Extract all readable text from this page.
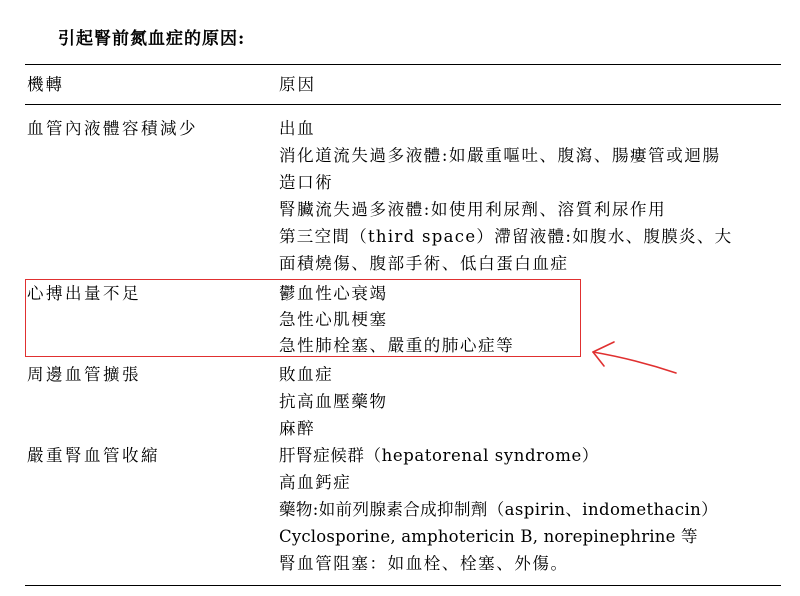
引起腎前氮血症的原因:
機轉	原因
血管內液體容積減少	出血
消化道流失過多液體:如嚴重嘔吐、腹瀉、腸瘻管或迴腸
造口術
腎臟流失過多液體:如使用利尿劑、溶質利尿作用
第三空間（third space）滯留液體:如腹水、腹膜炎、大
面積燒傷、腹部手術、低白蛋白血症
心搏出量不足	鬱血性心衰竭
急性心肌梗塞
急性肺栓塞、嚴重的肺心症等
周邊血管擴張	敗血症
抗高血壓藥物
麻醉
嚴重腎血管收縮	肝腎症候群（hepatorenal syndrome）
高血鈣症
藥物:如前列腺素合成抑制劑（aspirin、indomethacin）
Cyclosporine, amphotericin B, norepinephrine 等
腎血管阻塞：如血栓、栓塞、外傷。
